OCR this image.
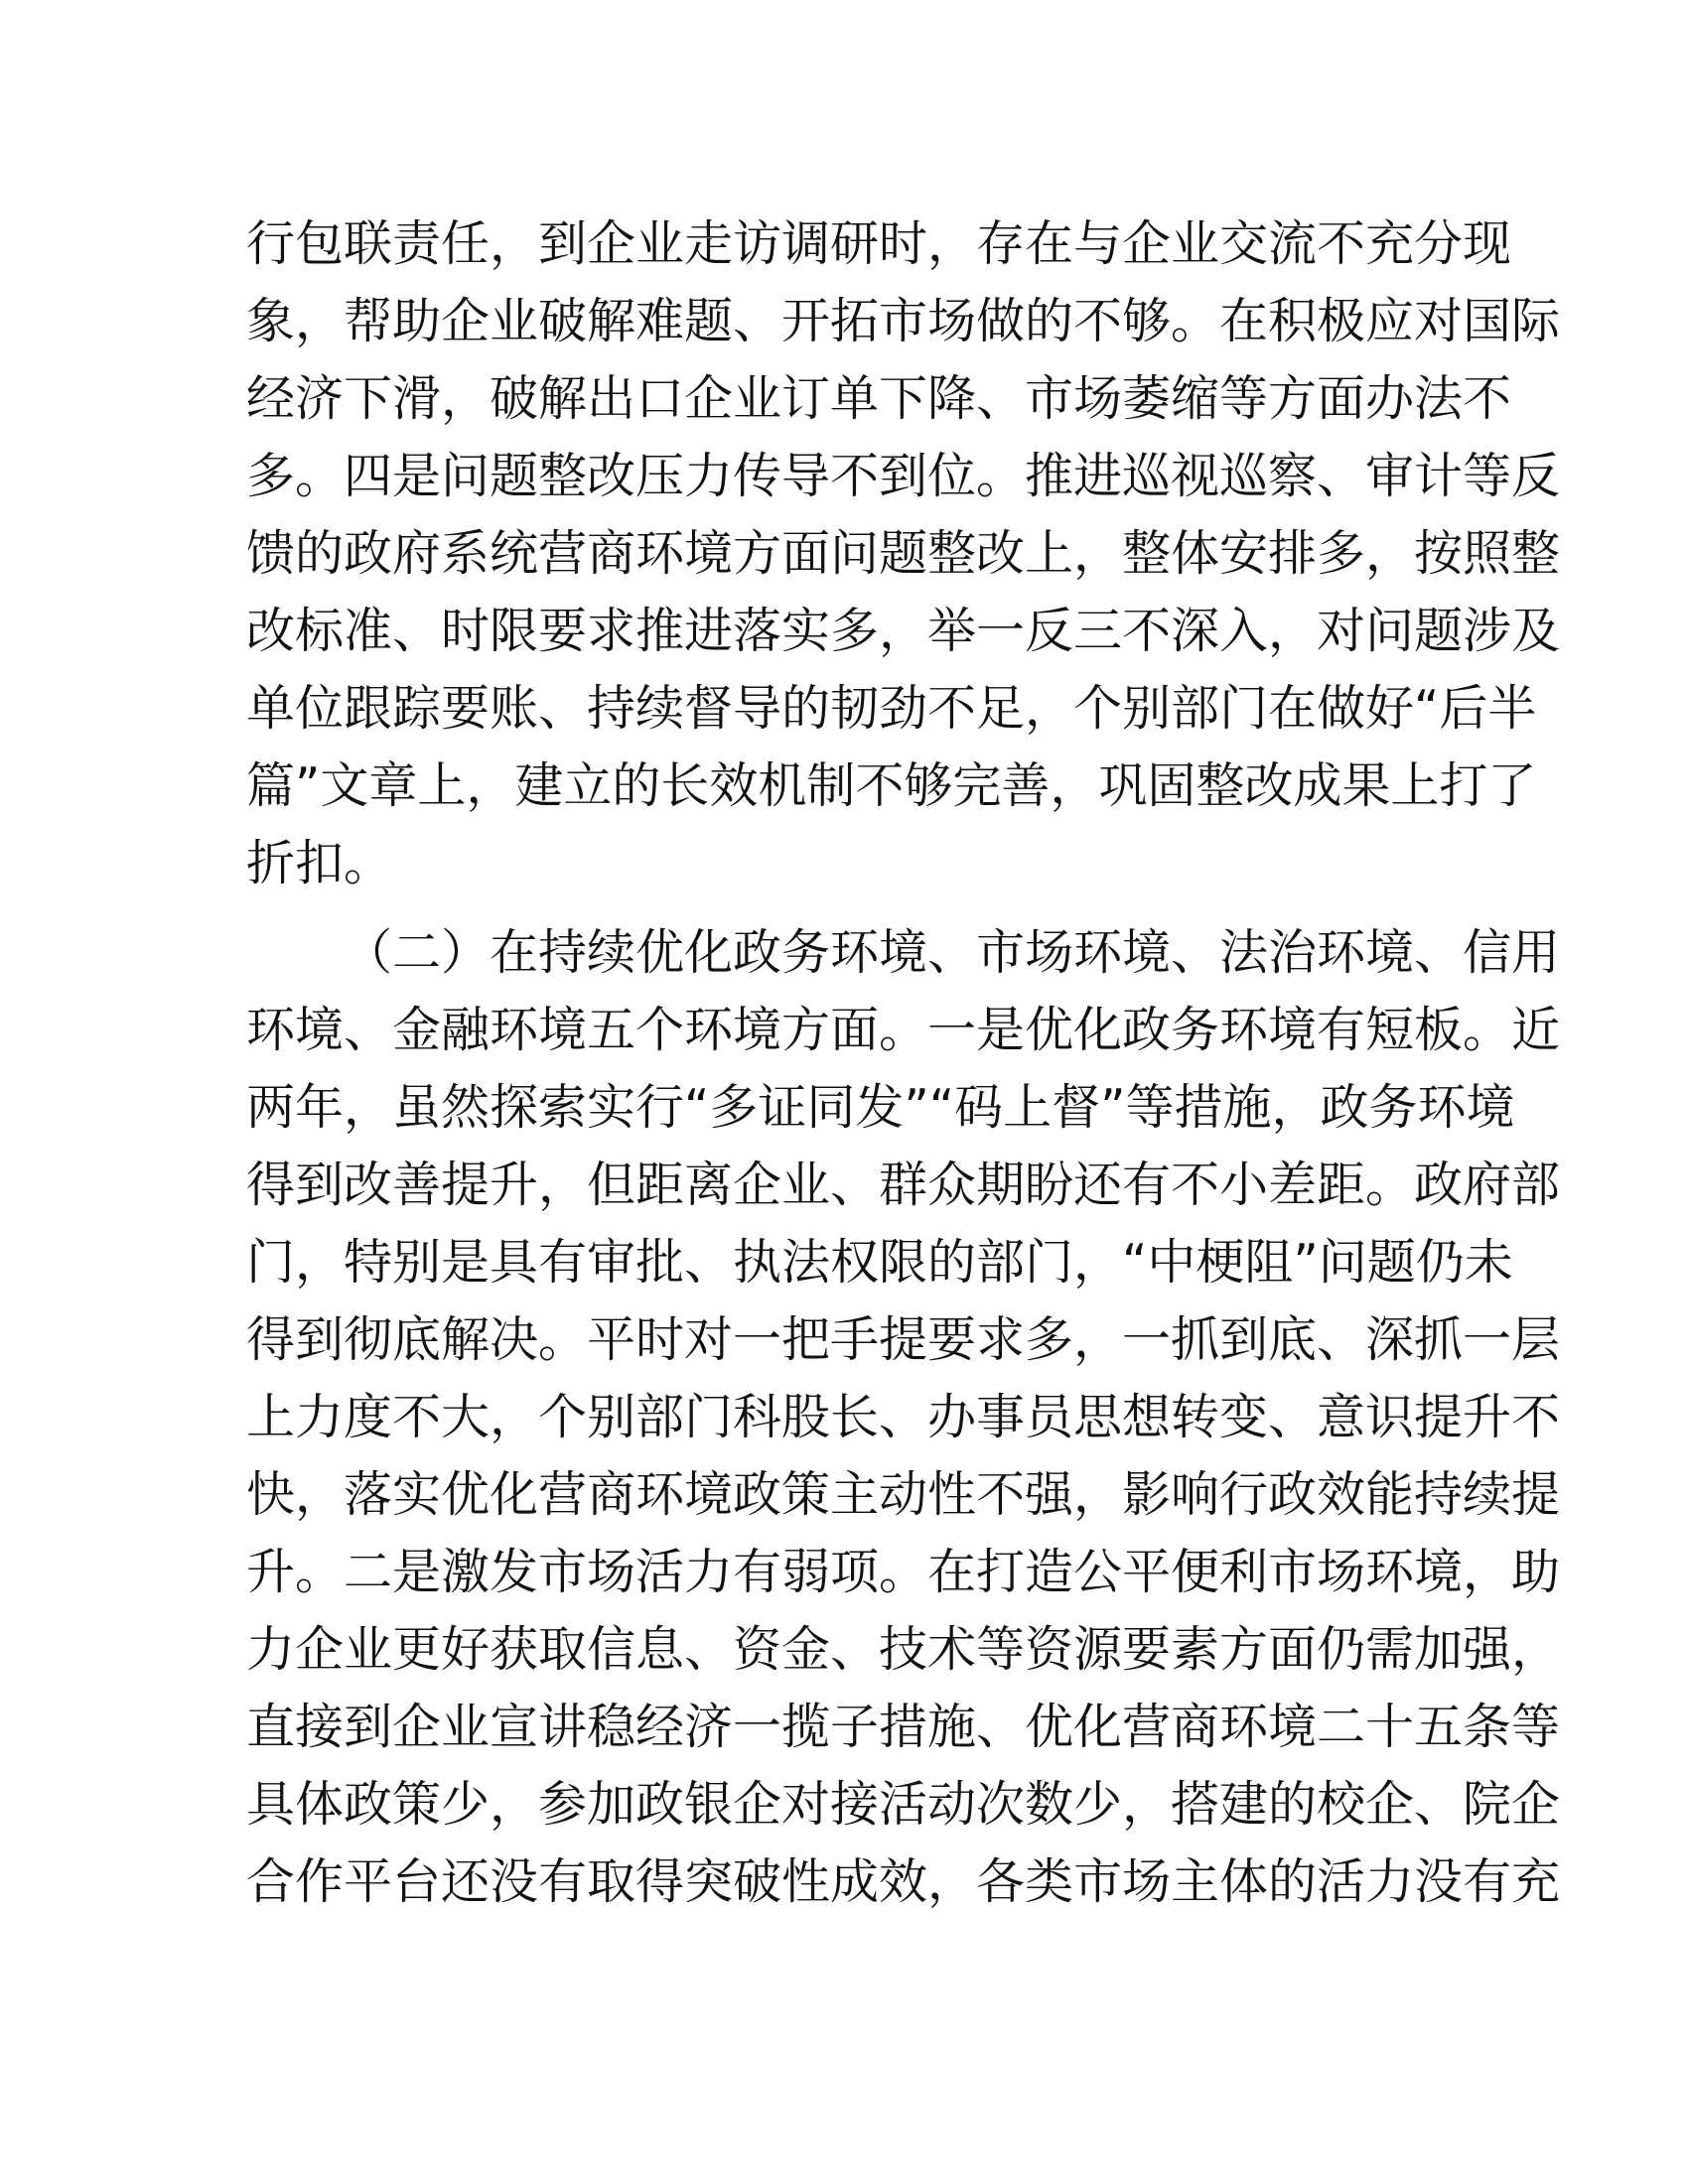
行包联责任，到企业走访调研时，存在与企业交流不充分现
象，帮助企业破解难题、开拓市场做的不够。在积极应对国际
经济下滑，破解出口企业订单下降、市场萎缩等方面办法不
多。四是问题整改压力传导不到位。推进巡视巡察、审计等反
馈的政府系统营商环境方面问题整改上，整体安排多，按照整
改标准、时限要求推进落实多，举一反三不深入，对问题涉及
单位跟踪要账、持续督导的韧劲不足，个别部门在做好“后半
篇”文章上，建立的长效机制不够完善，巩固整改成果上打了
折扣。
（二）在持续优化政务环境、市场环境、法治环境、信用
环境、金融环境五个环境方面。一是优化政务环境有短板。近
两年，虽然探索实行“多证同发”“码上督”等措施，政务环境
得到改善提升，但距离企业、群众期盼还有不小差距。政府部
门，特别是具有审批、执法权限的部门，“中梗阻”问题仍未
得到彻底解决。平时对一把手提要求多，一抓到底、深抓一层
上力度不大，个别部门科股长、办事员思想转变、意识提升不
快，落实优化营商环境政策主动性不强，影响行政效能持续提
升。二是激发市场活力有弱项。在打造公平便利市场环境，助
力企业更好获取信息、资金、技术等资源要素方面仍需加强，
直接到企业宣讲稳经济一揽子措施、优化营商环境二十五条等
具体政策少，参加政银企对接活动次数少，搭建的校企、院企
合作平台还没有取得突破性成效，各类市场主体的活力没有充
